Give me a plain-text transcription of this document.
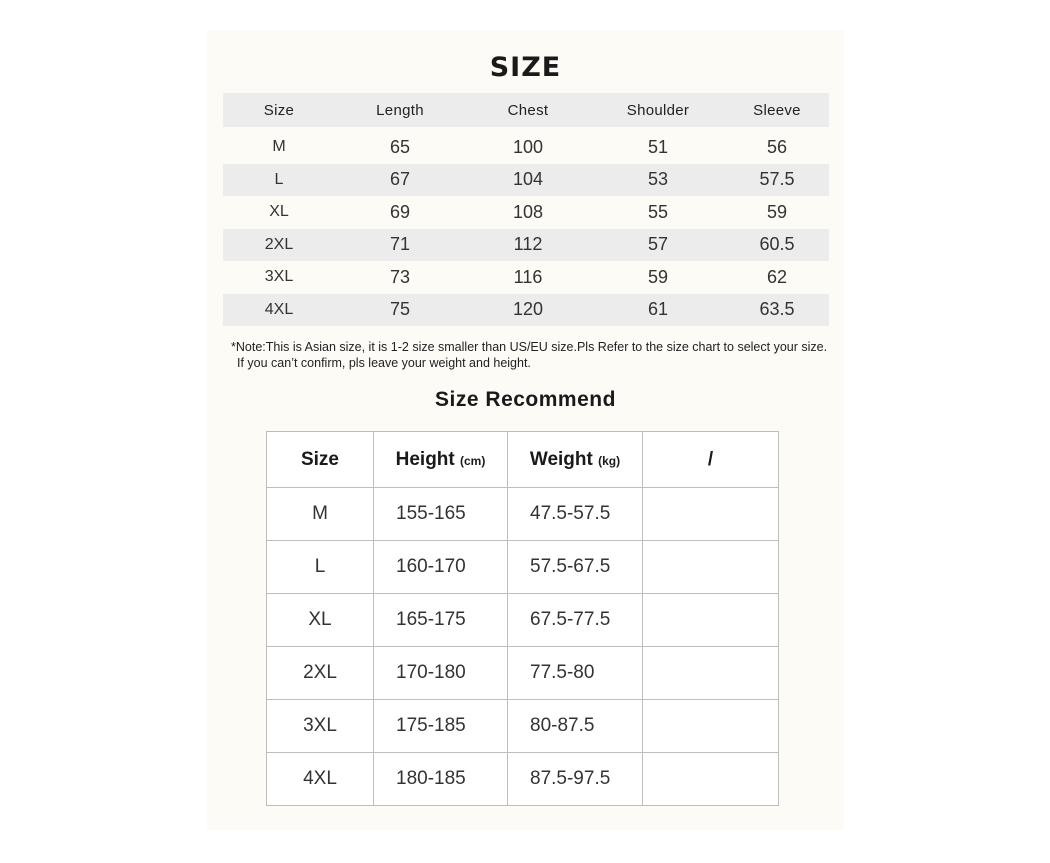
SIZE
Size	Length	Chest	Shoulder	Sleeve

M	65	100	51	56
L	67	104	53	57.5
XL	69	108	55	59
2XL	71	112	57	60.5
3XL	73	116	59	62
4XL	75	120	61	63.5
*Note:This is Asian size, it is 1-2 size smaller than US/EU size.Pls Refer to the size chart to select your size.
If you can’t confirm, pls leave your weight and height.
Size Recommend
Size	Height (cm)	Weight (kg)	/
M	155-165	47.5-57.5	
L	160-170	57.5-67.5	
XL	165-175	67.5-77.5	
2XL	170-180	77.5-80	
3XL	175-185	80-87.5	
4XL	180-185	87.5-97.5	
